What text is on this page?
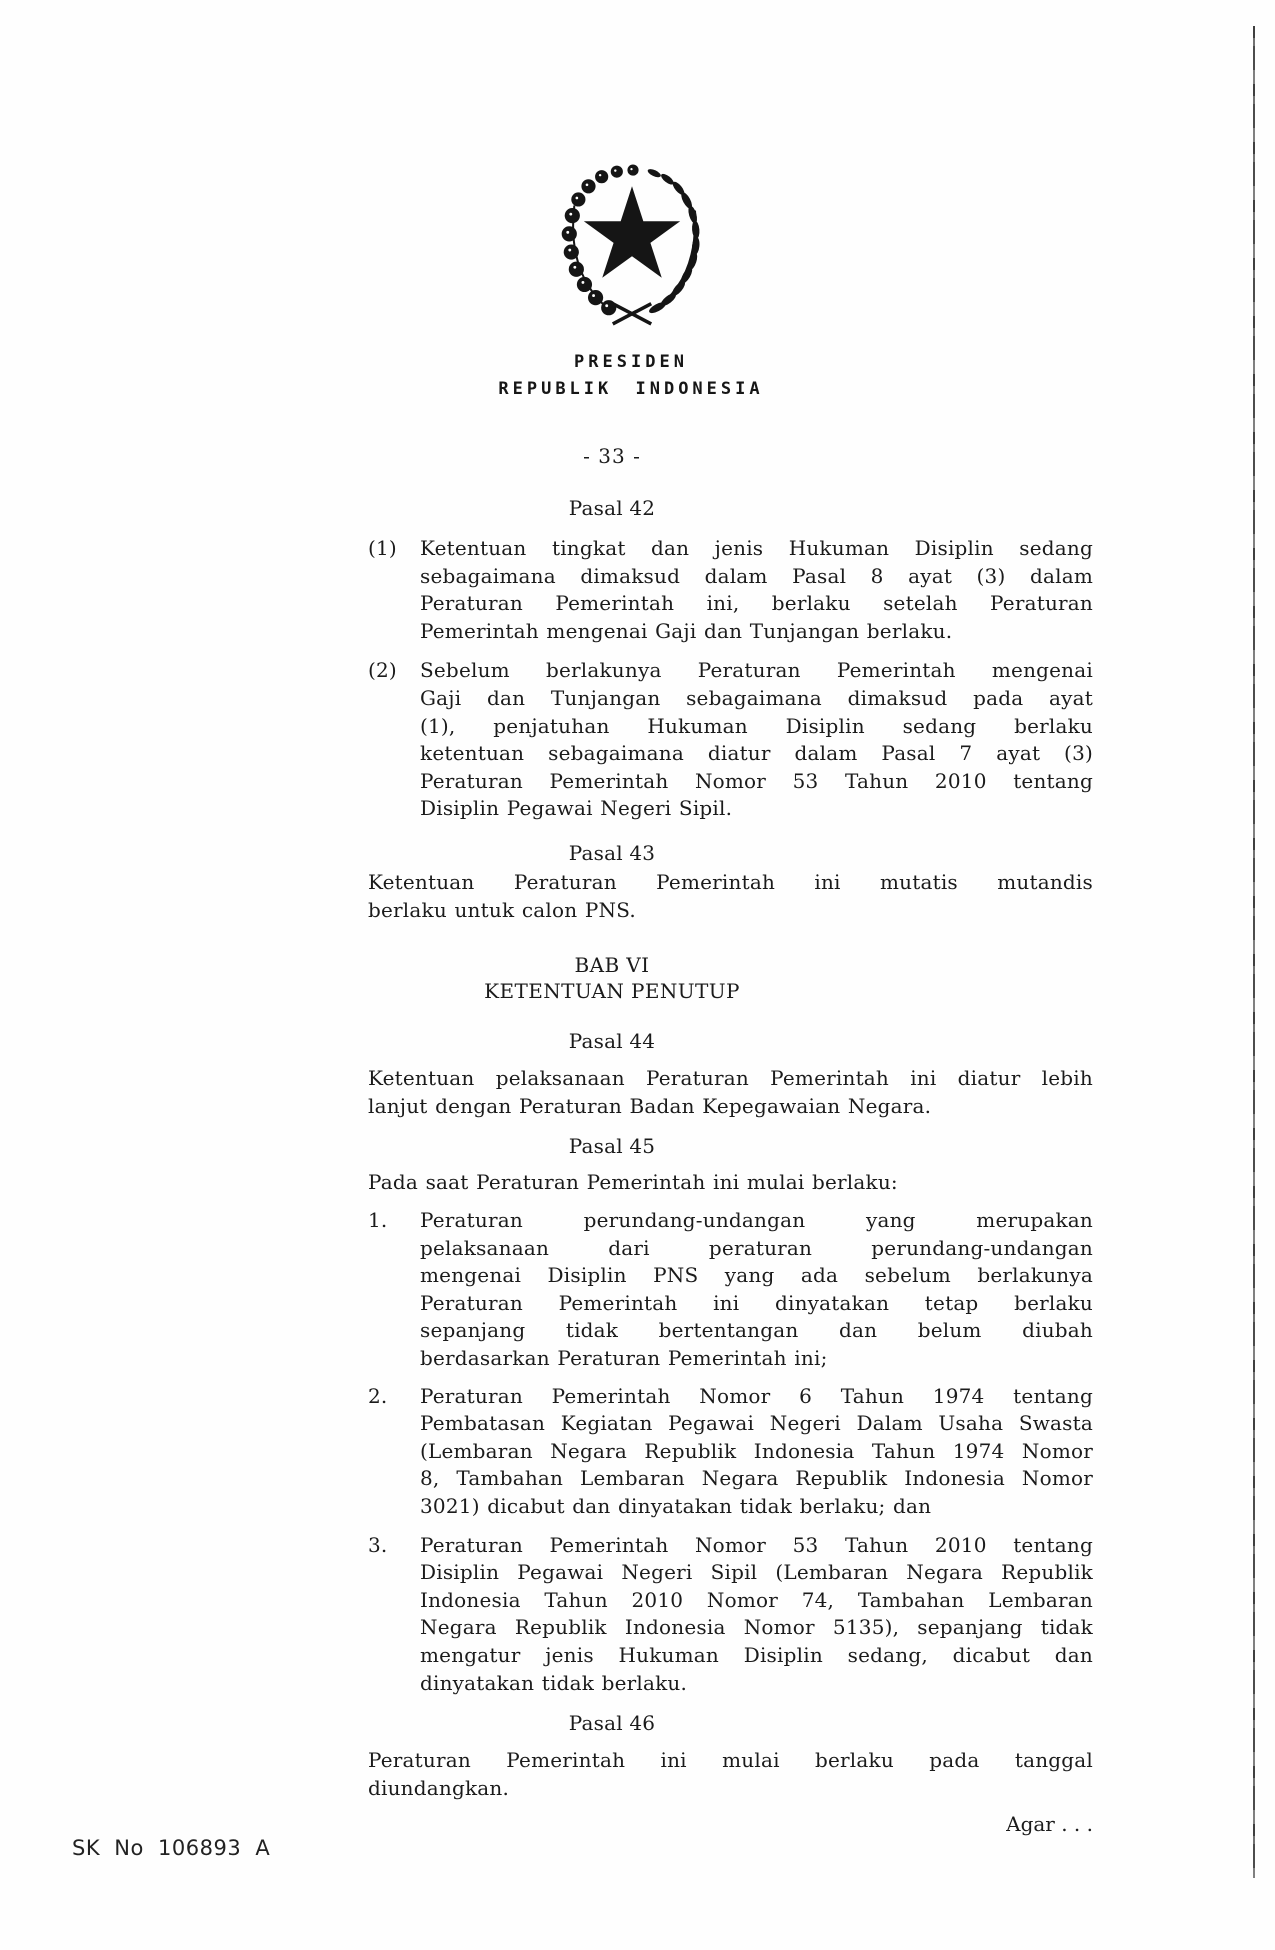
PRESIDEN
REPUBLIK INDONESIA
- 33 -
Pasal 42
(1)	Ketentuan tingkat dan jenis Hukuman Disiplin sedang
sebagaimana dimaksud dalam Pasal 8 ayat (3) dalam
Peraturan Pemerintah ini, berlaku setelah Peraturan
Pemerintah mengenai Gaji dan Tunjangan berlaku.
(2)	Sebelum berlakunya Peraturan Pemerintah mengenai
Gaji dan Tunjangan sebagaimana dimaksud pada ayat
(1), penjatuhan Hukuman Disiplin sedang berlaku
ketentuan sebagaimana diatur dalam Pasal 7 ayat (3)
Peraturan Pemerintah Nomor 53 Tahun 2010 tentang
Disiplin Pegawai Negeri Sipil.
Pasal 43
Ketentuan Peraturan Pemerintah ini mutatis mutandis
berlaku untuk calon PNS.
BAB VI
KETENTUAN PENUTUP
Pasal 44
Ketentuan pelaksanaan Peraturan Pemerintah ini diatur lebih
lanjut dengan Peraturan Badan Kepegawaian Negara.
Pasal 45
Pada saat Peraturan Pemerintah ini mulai berlaku:
1.	Peraturan perundang-undangan yang merupakan
pelaksanaan dari peraturan perundang-undangan
mengenai Disiplin PNS yang ada sebelum berlakunya
Peraturan Pemerintah ini dinyatakan tetap berlaku
sepanjang tidak bertentangan dan belum diubah
berdasarkan Peraturan Pemerintah ini;
2.	Peraturan Pemerintah Nomor 6 Tahun 1974 tentang
Pembatasan Kegiatan Pegawai Negeri Dalam Usaha Swasta
(Lembaran Negara Republik Indonesia Tahun 1974 Nomor
8, Tambahan Lembaran Negara Republik Indonesia Nomor
3021) dicabut dan dinyatakan tidak berlaku; dan
3.	Peraturan Pemerintah Nomor 53 Tahun 2010 tentang
Disiplin Pegawai Negeri Sipil (Lembaran Negara Republik
Indonesia Tahun 2010 Nomor 74, Tambahan Lembaran
Negara Republik Indonesia Nomor 5135), sepanjang tidak
mengatur jenis Hukuman Disiplin sedang, dicabut dan
dinyatakan tidak berlaku.
Pasal 46
Peraturan Pemerintah ini mulai berlaku pada tanggal
diundangkan.
Agar . . .
SK No 106893 A
